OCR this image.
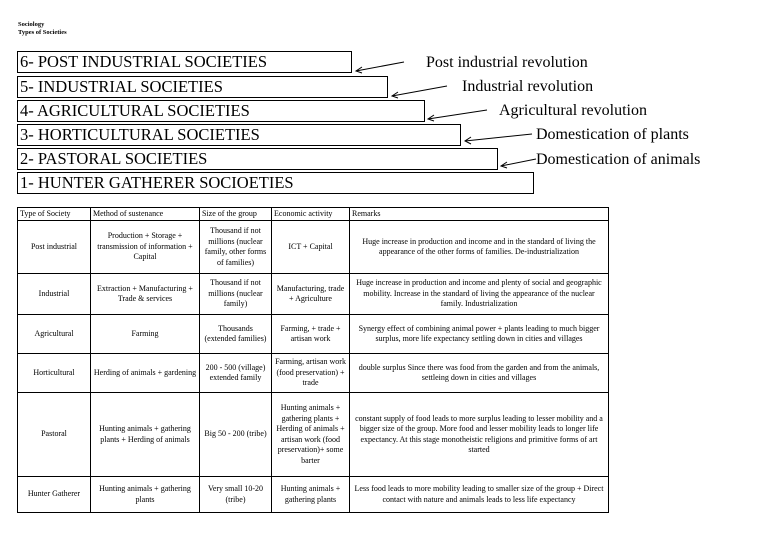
Sociology
Types of Societies
6- POST INDUSTRIAL SOCIETIES
5- INDUSTRIAL SOCIETIES
4- AGRICULTURAL SOCIETIES
3- HORTICULTURAL SOCIETIES
2- PASTORAL SOCIETIES
1- HUNTER GATHERER SOCIOETIES
Post industrial revolution
Industrial revolution
Agricultural revolution
Domestication of plants
Domestication of animals
Type of Society	Method of sustenance	Size of the group	Economic activity	Remarks
Post industrial	Production + Storage + transmission of information + Capital	Thousand if not millions (nuclear family, other forms of families)	ICT + Capital	Huge increase in production and income and in the standard of living the appearance of the other forms of families. De-industrialization
Industrial	Extraction + Manufacturing + Trade & services	Thousand if not millions (nuclear family)	Manufacturing, trade + Agriculture	Huge increase in production and income and plenty of social and geographic mobility. Increase in the standard of living the appearance of the nuclear family. Industrialization
Agricultural	Farming	Thousands (extended families)	Farming, + trade + artisan work	Synergy effect of combining animal power + plants leading to much bigger surplus, more life expectancy settling down in cities and villages
Horticultural	Herding of animals + gardening	200 - 500 (village) extended family	Farming, artisan work (food preservation) + trade	double surplus Since there was food from the garden and from the animals, settleing down in cities and villages
Pastoral	Hunting animals + gathering plants + Herding of animals	Big 50 - 200 (tribe)	Hunting animals + gathering plants + Herding of animals + artisan work (food preservation)+ some barter	constant supply of food leads to more surplus leading to lesser mobility and a bigger size of the group. More food and lesser mobility leads to longer life expectancy. At this stage monotheistic religions and primitive forms of art started
Hunter Gatherer	Hunting animals + gathering plants	Very small 10-20 (tribe)	Hunting animals + gathering plants	Less food leads to more mobility leading to smaller size of the group + Direct contact with nature and animals leads to less life expectancy
